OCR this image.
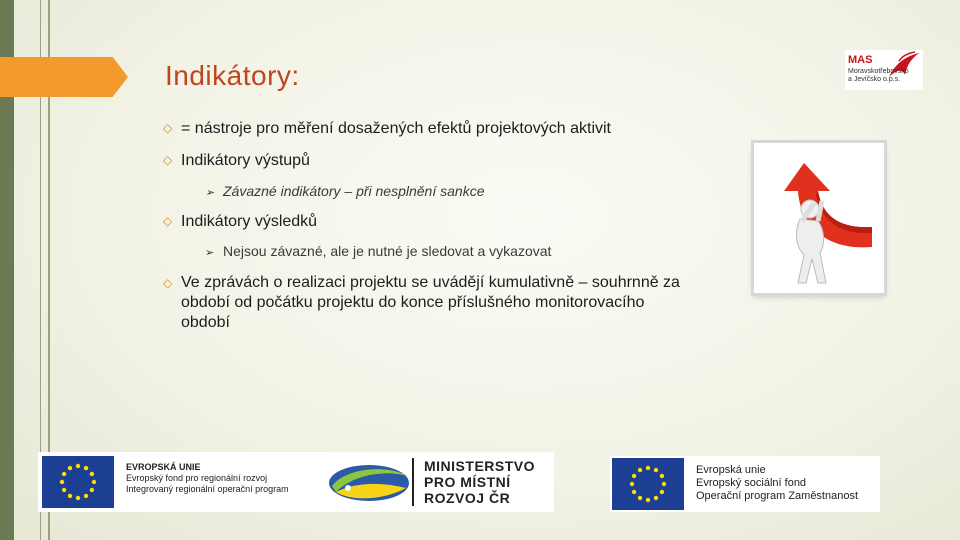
Indikátory:	MAS
Moravskotřebovsko
a Jevíčsko o.p.s.
◇ = nástroje pro měření dosažených efektů projektových aktivit
◇ Indikátory výstupů
➢ Závazné indikátory – při nesplnění sankce
◇ Indikátory výsledků
➢ Nejsou závazné, ale je nutné je sledovat a vykazovat
◇ Ve zprávách o realizaci projektu se uvádějí kumulativně – souhrnně za
období od počátku projektu do konce příslušného monitorovacího
období
EVROPSKÁ UNIE
Evropský fond pro regionální rozvoj
Integrovaný regionální operační program
MINISTERSTVO
PRO MÍSTNÍ
ROZVOJ ČR
Evropská unie
Evropský sociální fond
Operační program Zaměstnanost
